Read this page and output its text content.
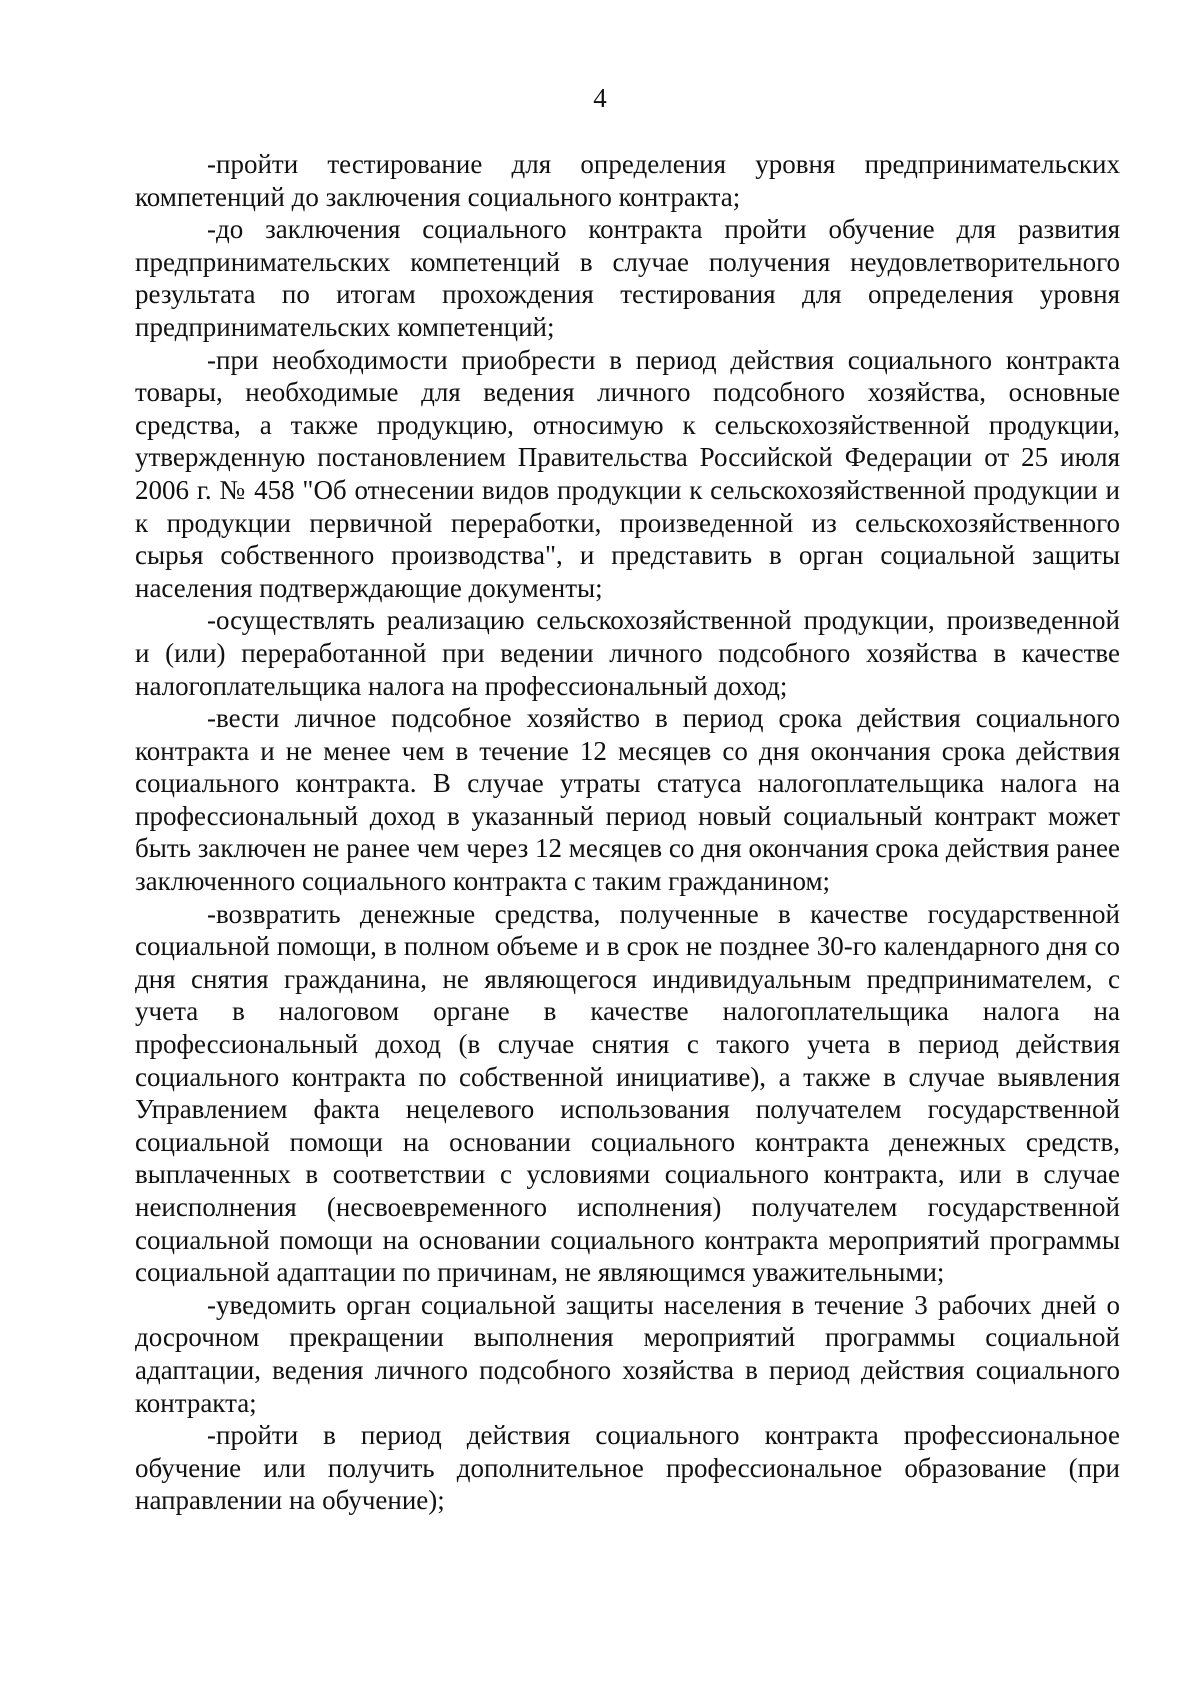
4

-пройти тестирование для определения уровня предпринимательских компетенций до заключения социального контракта;

-до заключения социального контракта пройти обучение для развития предпринимательских компетенций в случае получения неудовлетворительного результата по итогам прохождения тестирования для определения уровня предпринимательских компетенций;

-при необходимости приобрести в период действия социального контракта товары, необходимые для ведения личного подсобного хозяйства, основные средства, а также продукцию, относимую к сельскохозяйственной продукции, утвержденную постановлением Правительства Российской Федерации от 25 июля 2006 г. № 458 "Об отнесении видов продукции к сельскохозяйственной продукции и к продукции первичной переработки, произведенной из сельскохозяйственного сырья собственного производства", и представить в орган социальной защиты населения подтверждающие документы;

-осуществлять реализацию сельскохозяйственной продукции, произведенной и (или) переработанной при ведении личного подсобного хозяйства в качестве налогоплательщика налога на профессиональный доход;

-вести личное подсобное хозяйство в период срока действия социального контракта и не менее чем в течение 12 месяцев со дня окончания срока действия социального контракта. В случае утраты статуса налогоплательщика налога на профессиональный доход в указанный период новый социальный контракт может быть заключен не ранее чем через 12 месяцев со дня окончания срока действия ранее заключенного социального контракта с таким гражданином;

-возвратить денежные средства, полученные в качестве государственной социальной помощи, в полном объеме и в срок не позднее 30-го календарного дня со дня снятия гражданина, не являющегося индивидуальным предпринимателем, с учета в налоговом органе в качестве налогоплательщика налога на профессиональный доход (в случае снятия с такого учета в период действия социального контракта по собственной инициативе), а также в случае выявления Управлением факта нецелевого использования получателем государственной социальной помощи на основании социального контракта денежных средств, выплаченных в соответствии с условиями социального контракта, или в случае неисполнения (несвоевременного исполнения) получателем государственной социальной помощи на основании социального контракта мероприятий программы социальной адаптации по причинам, не являющимся уважительными;

-уведомить орган социальной защиты населения в течение 3 рабочих дней о досрочном прекращении выполнения мероприятий программы социальной адаптации, ведения личного подсобного хозяйства в период действия социального контракта;

-пройти в период действия социального контракта профессиональное обучение или получить дополнительное профессиональное образование (при направлении на обучение);
